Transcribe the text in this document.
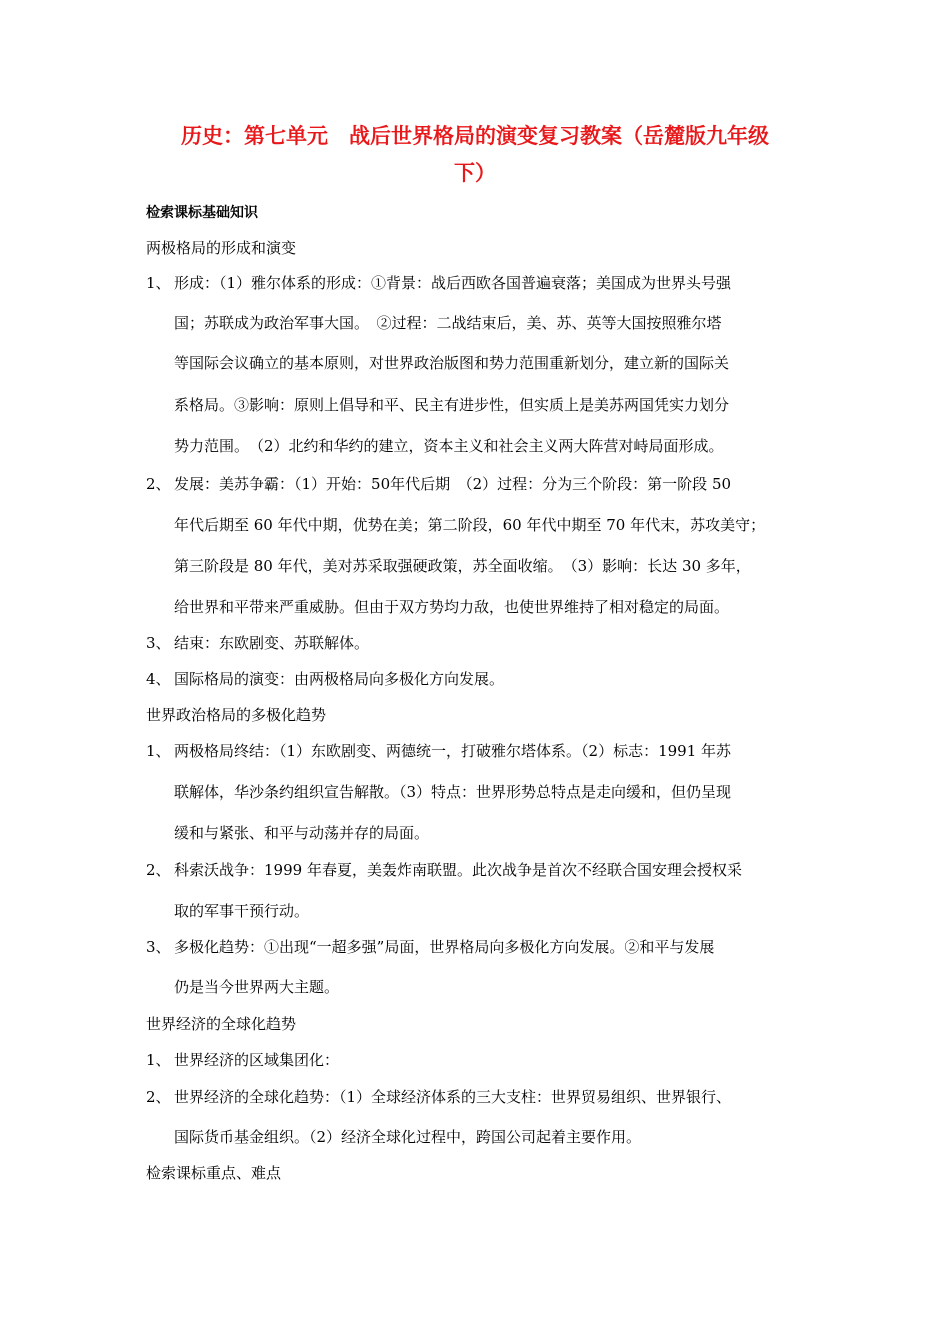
历史：第七单元　战后世界格局的演变复习教案（岳麓版九年级
下）
检索课标基础知识
两极格局的形成和演变
1、 形成：（1）雅尔体系的形成：①背景：战后西欧各国普遍衰落；美国成为世界头号强
国；苏联成为政治军事大国。　②过程：二战结束后，美、苏、英等大国按照雅尔塔
等国际会议确立的基本原则，对世界政治版图和势力范围重新划分，建立新的国际关
系格局。③影响：原则上倡导和平、民主有进步性，但实质上是美苏两国凭实力划分
势力范围。　（2）北约和华约的建立，资本主义和社会主义两大阵营对峙局面形成。
2、 发展：美苏争霸：（1）开始：50年代后期　（2）过程：分为三个阶段：第一阶段 50
年代后期至 60 年代中期，优势在美；第二阶段，60 年代中期至 70 年代末，苏攻美守；
第三阶段是 80 年代，美对苏采取强硬政策，苏全面收缩。　（3）影响：长达 30 多年，
给世界和平带来严重威胁。但由于双方势均力敌，也使世界维持了相对稳定的局面。
3、 结束：东欧剧变、苏联解体。
4、 国际格局的演变：由两极格局向多极化方向发展。
世界政治格局的多极化趋势
1、 两极格局终结：（1）东欧剧变、两德统一，打破雅尔塔体系。（2）标志：1991 年苏
联解体，华沙条约组织宣告解散。（3）特点：世界形势总特点是走向缓和，但仍呈现
缓和与紧张、和平与动荡并存的局面。
2、 科索沃战争：1999 年春夏，美轰炸南联盟。此次战争是首次不经联合国安理会授权采
取的军事干预行动。
3、 多极化趋势：①出现“一超多强”局面，世界格局向多极化方向发展。②和平与发展
仍是当今世界两大主题。
世界经济的全球化趋势
1、 世界经济的区域集团化：
2、 世界经济的全球化趋势：（1）全球经济体系的三大支柱：世界贸易组织、世界银行、
国际货币基金组织。（2）经济全球化过程中，跨国公司起着主要作用。
检索课标重点、难点
